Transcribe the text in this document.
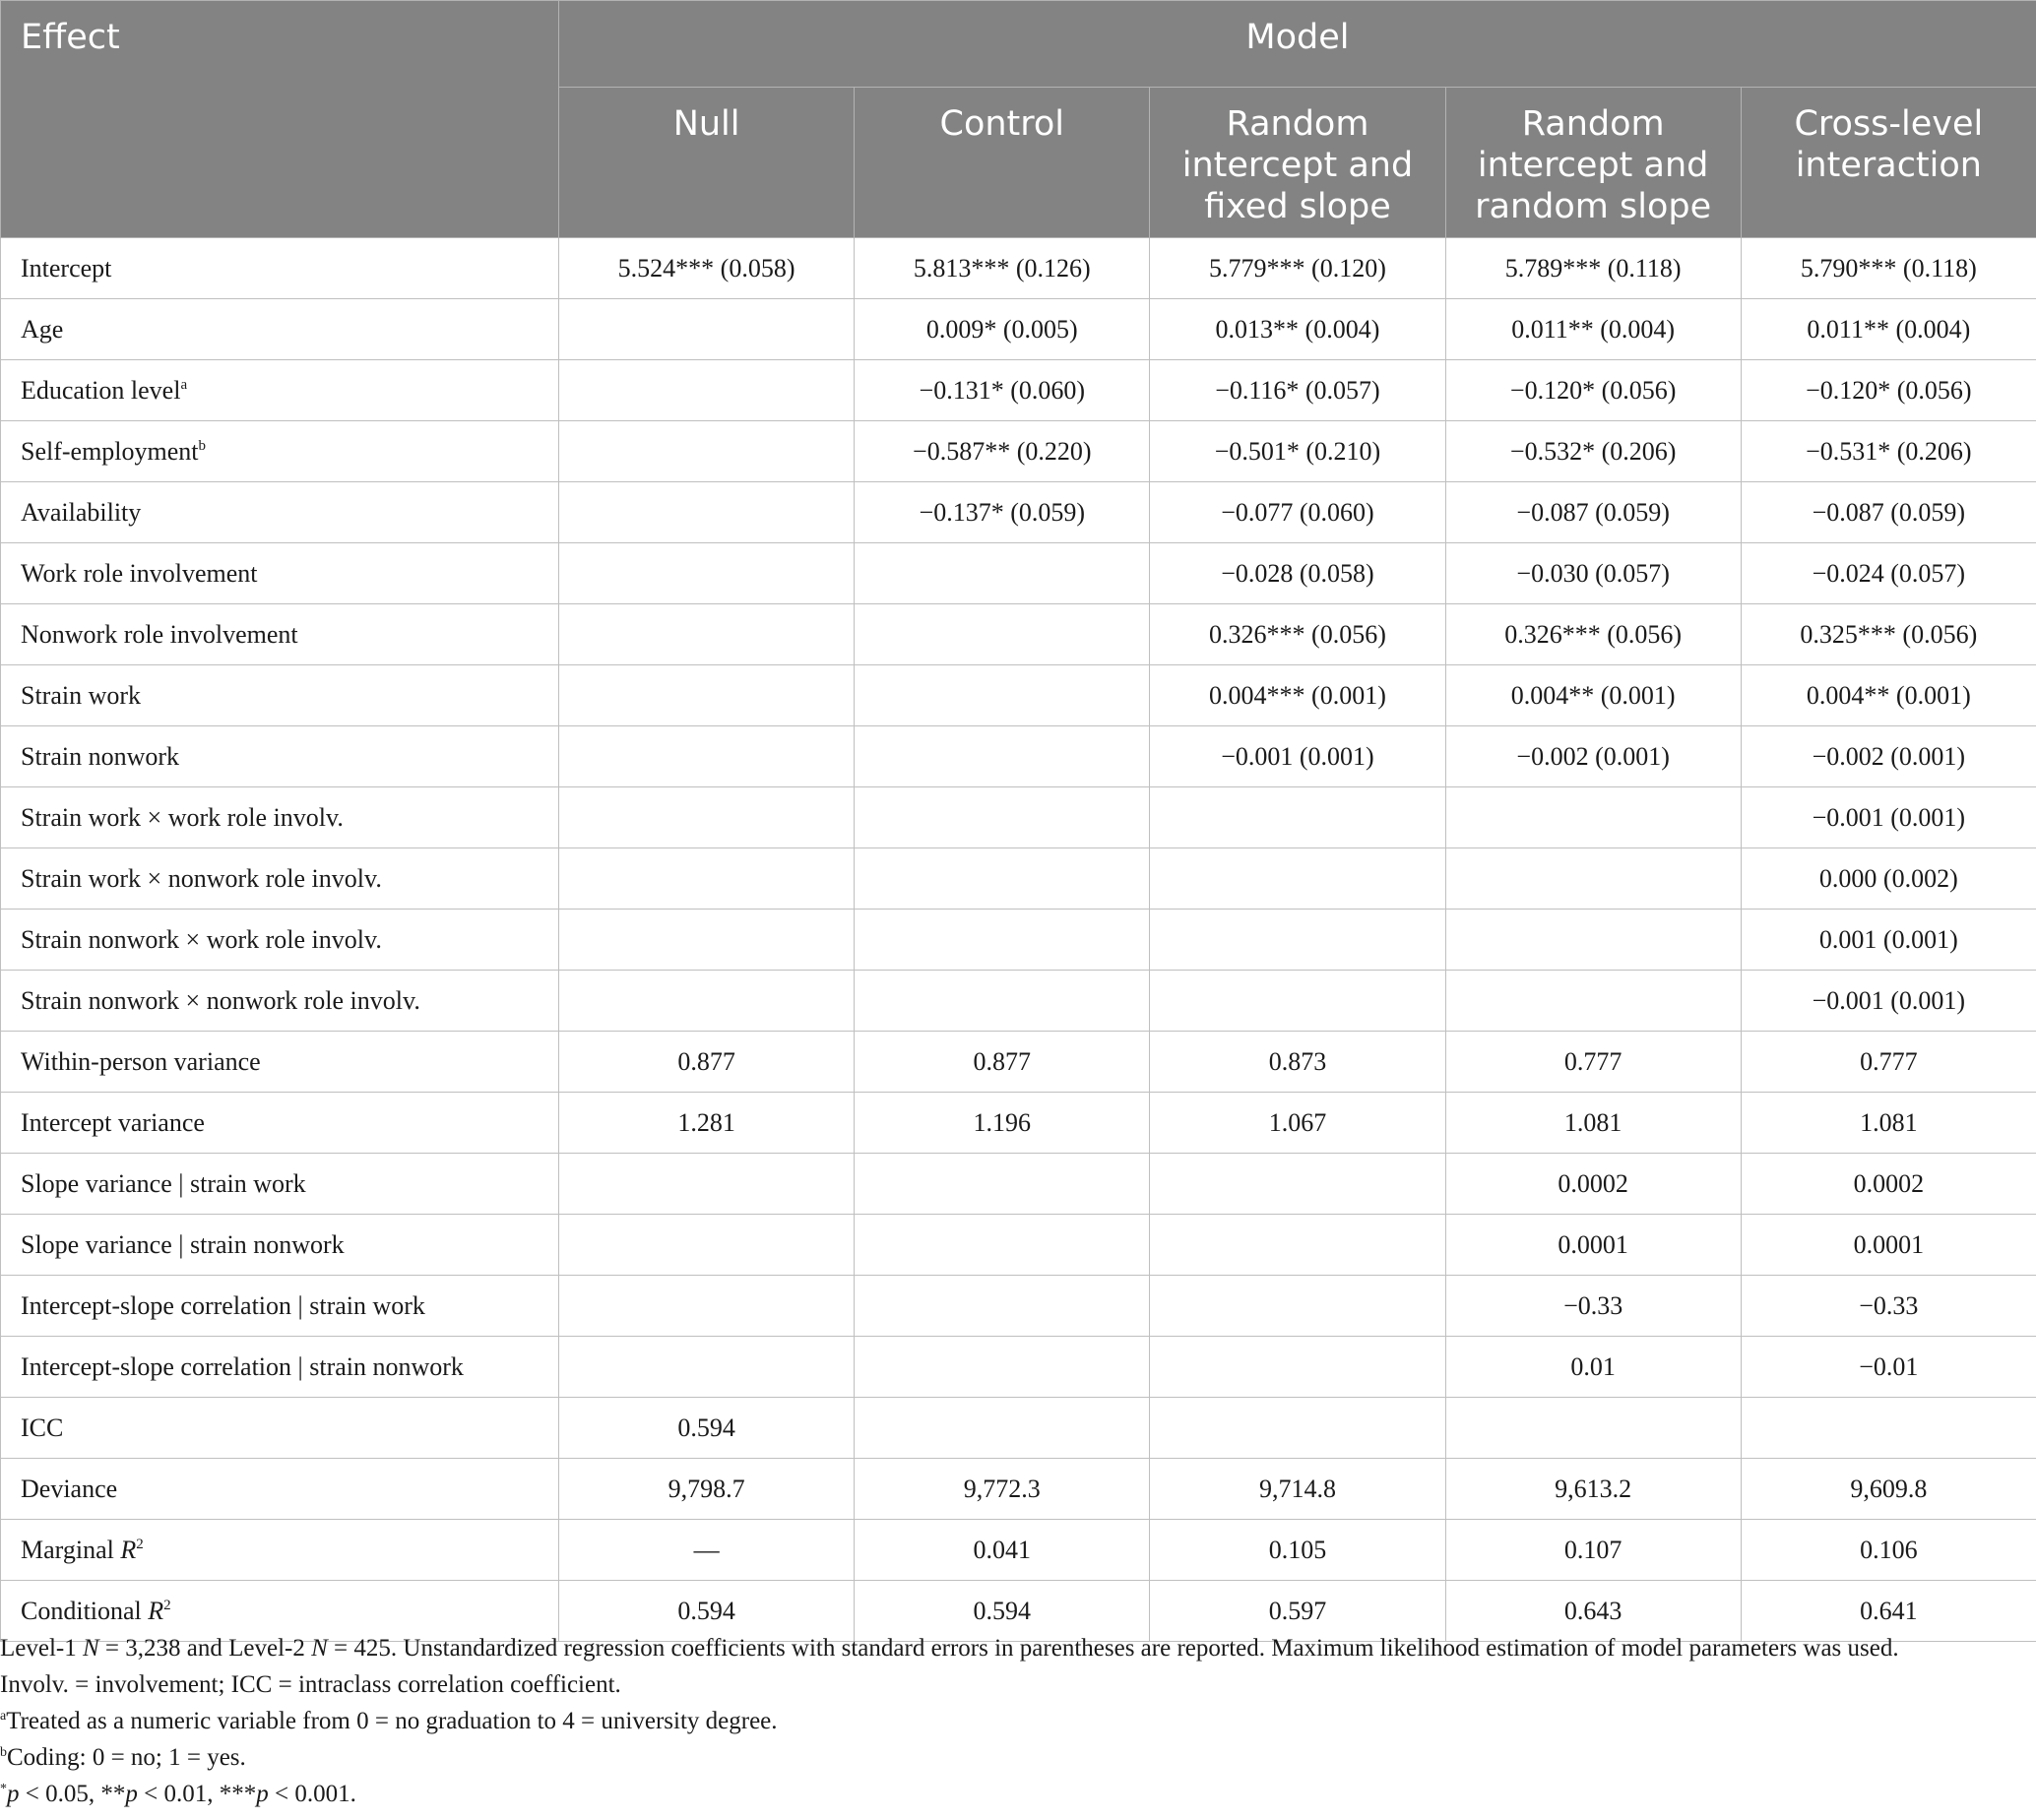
Effect	Model				

	Null	Control	Random
intercept and
fixed slope	Random
intercept and
random slope	Cross-level
interaction

Intercept	5.524*** (0.058)	5.813*** (0.126)	5.779*** (0.120)	5.789*** (0.118)	5.790*** (0.118)
Age		0.009* (0.005)	0.013** (0.004)	0.011** (0.004)	0.011** (0.004)
Education level$^a$		−0.131* (0.060)	−0.116* (0.057)	−0.120* (0.056)	−0.120* (0.056)
Self-employment$^b$		−0.587** (0.220)	−0.501* (0.210)	−0.532* (0.206)	−0.531* (0.206)
Availability		−0.137* (0.059)	−0.077 (0.060)	−0.087 (0.059)	−0.087 (0.059)
Work role involvement			−0.028 (0.058)	−0.030 (0.057)	−0.024 (0.057)
Nonwork role involvement			0.326*** (0.056)	0.326*** (0.056)	0.325*** (0.056)
Strain work			0.004*** (0.001)	0.004** (0.001)	0.004** (0.001)
Strain nonwork			−0.001 (0.001)	−0.002 (0.001)	−0.002 (0.001)
Strain work × work role involv.					−0.001 (0.001)
Strain work × nonwork role involv.					0.000 (0.002)
Strain nonwork × work role involv.					0.001 (0.001)
Strain nonwork × nonwork role involv.					−0.001 (0.001)
Within-person variance	0.877	0.877	0.873	0.777	0.777
Intercept variance	1.281	1.196	1.067	1.081	1.081
Slope variance | strain work				0.0002	0.0002
Slope variance | strain nonwork				0.0001	0.0001
Intercept-slope correlation | strain work				−0.33	−0.33
Intercept-slope correlation | strain nonwork				0.01	−0.01
ICC	0.594				
Deviance	9,798.7	9,772.3	9,714.8	9,613.2	9,609.8
Marginal $R^2$	—	0.041	0.105	0.107	0.106
Conditional $R^2$	0.594	0.594	0.597	0.643	0.641

Level-1 N = 3,238 and Level-2 N = 425. Unstandardized regression coefficients with standard errors in parentheses are reported. Maximum likelihood estimation of model parameters was used.

Involv. = involvement; ICC = intraclass correlation coefficient.

$^a$Treated as a numeric variable from 0 = no graduation to 4 = university degree.

$^b$Coding: 0 = no; 1 = yes.

*p < 0.05, **p < 0.01, ***p < 0.001.
